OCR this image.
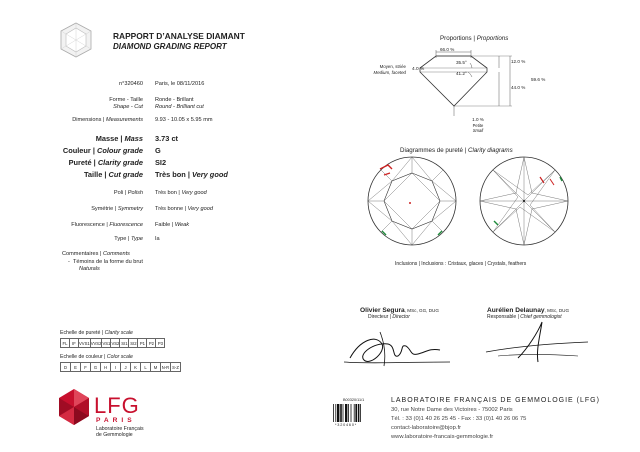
RAPPORT D’ANALYSE DIAMANT
DIAMOND GRADING REPORT
n°320460 Paris, le 08/11/2016
Forme - Taille
Shape - Cut
Ronde - Brillant
Round - Brilliant cut
Dimensions | Measurements 9.93 - 10.05 x 5.95 mm
Masse | Mass 3.73 ct
Couleur | Colour grade G
Pureté | Clarity grade SI2
Taille | Cut grade Très bon | Very good
Poli | Polish Très bon | Very good
Symétrie | Symmetry Très bonne | Very good
Fluorescence | Fluorescence Faible | Weak
Type | Type Ia
Commentaires | Comments
-  Témoins de la forme du brut
Naturals
Proportions | Proportions
66.0 %
35.5°
41.2°
12.0 %
59.6 %
44.0 %
4.0 %
Moyen, striée
Medium, faceted
1.0 %
Petite
Small
Diagrammes de pureté | Clarity diagrams
Inclusions | Inclusions : Cristaux, glaces | Crystals, feathers
Olivier Segura, MSc, GG, DUG
Directeur | Director
Aurélien Delaunay, MSc, DUG
Responsable | Chief gemmologist
Echelle de pureté | Clarity scale
FL	IF	VVS1	VVS2	VS1	VS2	SI1	SI2	P1	P2	P3
Echelle de couleur | Color scale
D	E	F	G	H	I	J	K	L	M	N-R	S-Z
LFG
PARIS
Laboratoire Français
de Gemmologie
B00320/11/1
*320460*
LABORATOIRE FRANÇAIS DE GEMMOLOGIE (LFG)
30, rue Notre Dame des Victoires - 75002 Paris
Tél. : 33 (0)1 40 26 25 45 - Fax : 33 (0)1 40 26 06 75
contact-laboratoire@bjop.fr
www.laboratoire-francais-gemmologie.fr
